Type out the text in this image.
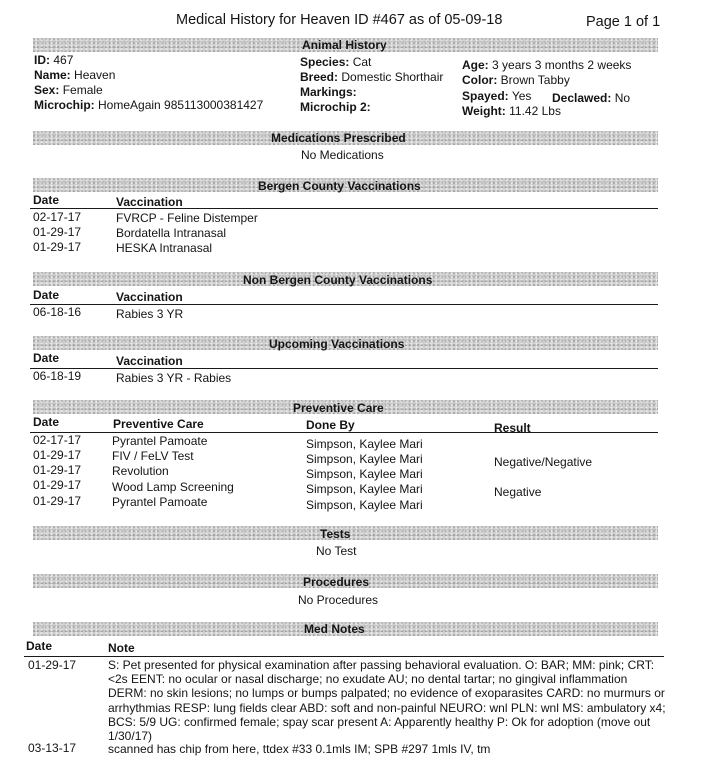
Medical History for Heaven ID #467 as of 05-09-18	Page 1 of 1
Animal History
ID: 467
Name: Heaven
Sex: Female
Microchip: HomeAgain 985113000381427
Species: Cat
Breed: Domestic Shorthair
Markings:
Microchip 2:
Age: 3 years 3 months 2 weeks
Color: Brown Tabby
Spayed: Yes Declawed: No
Weight: 11.42 Lbs
Medications Prescribed
No Medications
Bergen County Vaccinations
Date	Vaccination
02-17-17	FVRCP - Feline Distemper
01-29-17	Bordatella Intranasal
01-29-17	HESKA Intranasal
Non Bergen County Vaccinations
Date	Vaccination
06-18-16	Rabies 3 YR
Upcoming Vaccinations
Date	Vaccination
06-18-19	Rabies 3 YR - Rabies
Preventive Care
Date	Preventive Care	Done By	Result
02-17-17	Pyrantel Pamoate	Simpson, Kaylee Mari
01-29-17	FIV / FeLV Test	Simpson, Kaylee Mari	Negative/Negative
01-29-17	Revolution	Simpson, Kaylee Mari
01-29-17	Wood Lamp Screening	Simpson, Kaylee Mari	Negative
01-29-17	Pyrantel Pamoate	Simpson, Kaylee Mari
Tests
No Test
Procedures
No Procedures
Med Notes
Date	Note
01-29-17	S: Pet presented for physical examination after passing behavioral evaluation. O: BAR; MM: pink; CRT: <2s EENT: no ocular or nasal discharge; no exudate AU; no dental tartar; no gingival inflammation DERM: no skin lesions; no lumps or bumps palpated; no evidence of exoparasites CARD: no murmurs or arrhythmias RESP: lung fields clear ABD: soft and non-painful NEURO: wnl PLN: wnl MS: ambulatory x4; BCS: 5/9 UG: confirmed female; spay scar present A: Apparently healthy P: Ok for adoption (move out 1/30/17)
03-13-17	scanned has chip from here, ttdex #33 0.1mls IM; SPB #297 1mls IV, tm
